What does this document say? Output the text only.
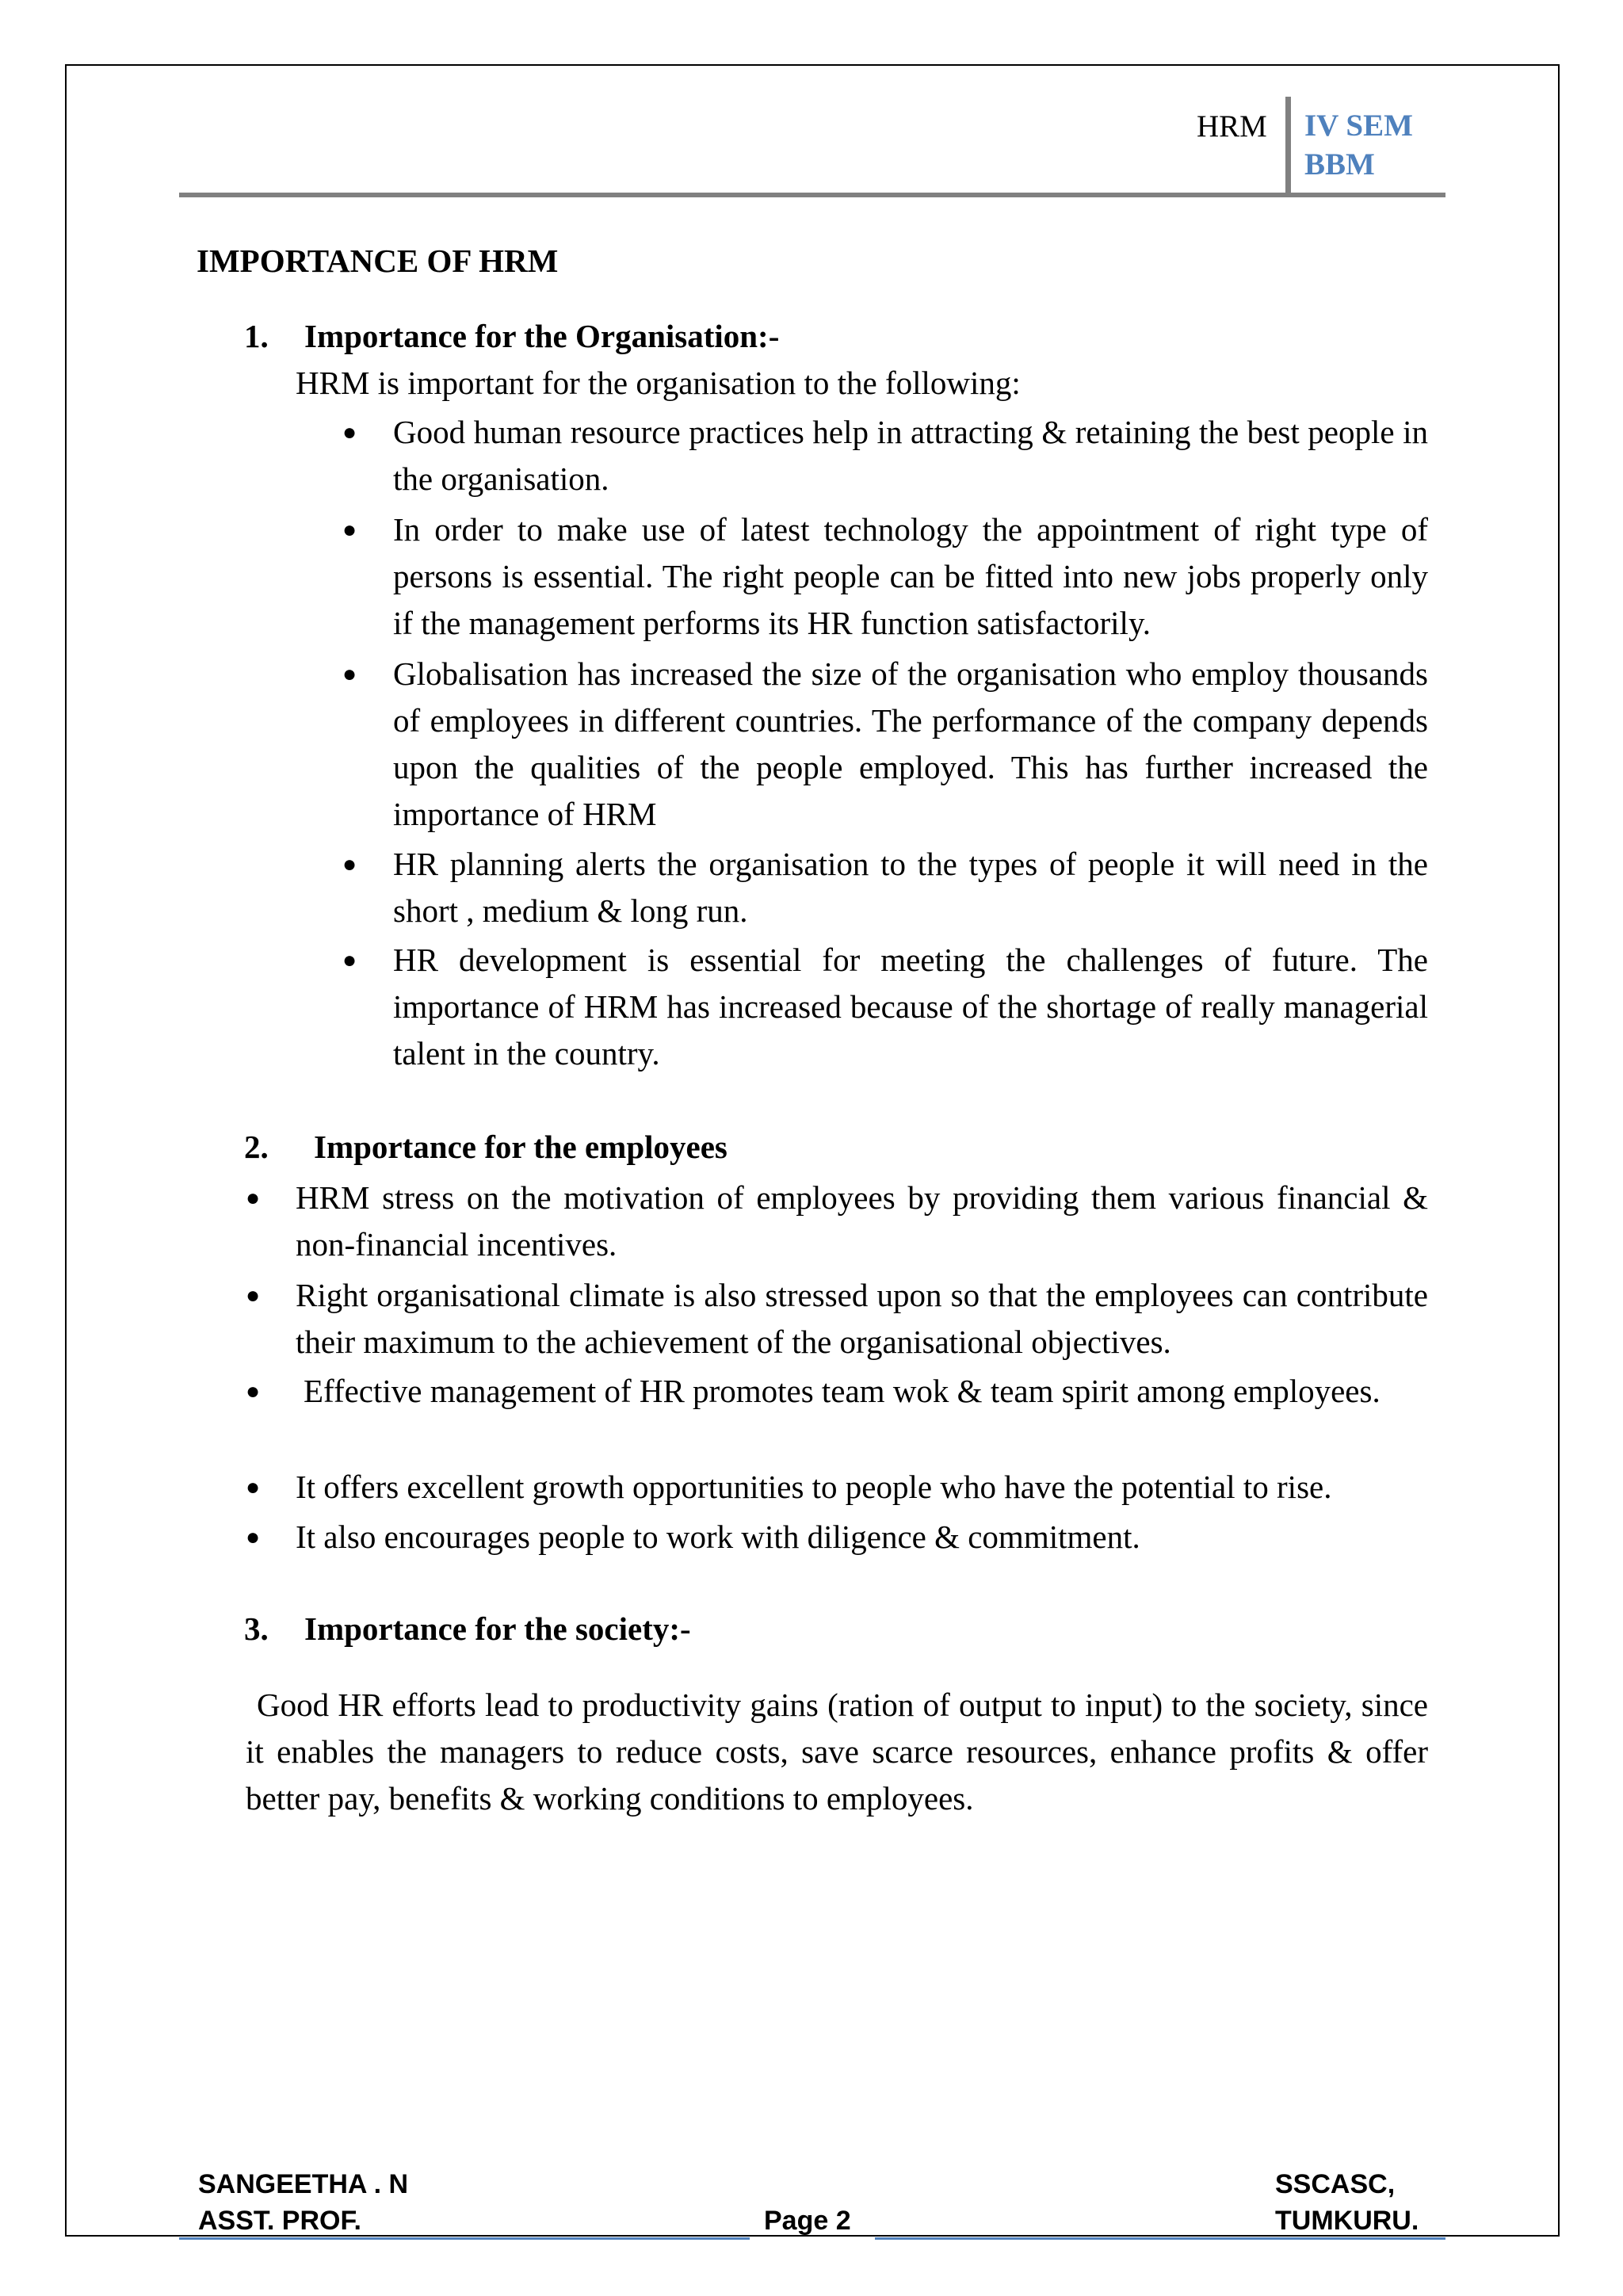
HRM IV SEM
BBM
IMPORTANCE OF HRM
1. Importance for the Organisation:-
HRM is important for the organisation to the following:
● Good human resource practices help in attracting & retaining the best people in the organisation.
● In order to make use of latest technology the appointment of right type of persons is essential. The right people can be fitted into new jobs properly only if the management performs its HR function satisfactorily.
● Globalisation has increased the size of the organisation who employ thousands of employees in different countries. The performance of the company depends upon the qualities of the people employed. This has further increased the importance of HRM
● HR planning alerts the organisation to the types of people it will need in the short , medium & long run.
● HR development is essential for meeting the challenges of future. The importance of HRM has increased because of the shortage of really managerial talent in the country.
2. Importance for the employees
● HRM stress on the motivation of employees by providing them various financial & non-financial incentives.
● Right organisational climate is also stressed upon so that the employees can contribute their maximum to the achievement of the organisational objectives.
● Effective management of HR promotes team wok & team spirit among employees.
● It offers excellent growth opportunities to people who have the potential to rise.
● It also encourages people to work with diligence & commitment.
3. Importance for the society:-
Good HR efforts lead to productivity gains (ration of output to input) to the society, since it enables the managers to reduce costs, save scarce resources, enhance profits & offer better pay, benefits & working conditions to employees.
SANGEETHA . N
ASST. PROF.	Page 2
SSCASC,
TUMKURU.
